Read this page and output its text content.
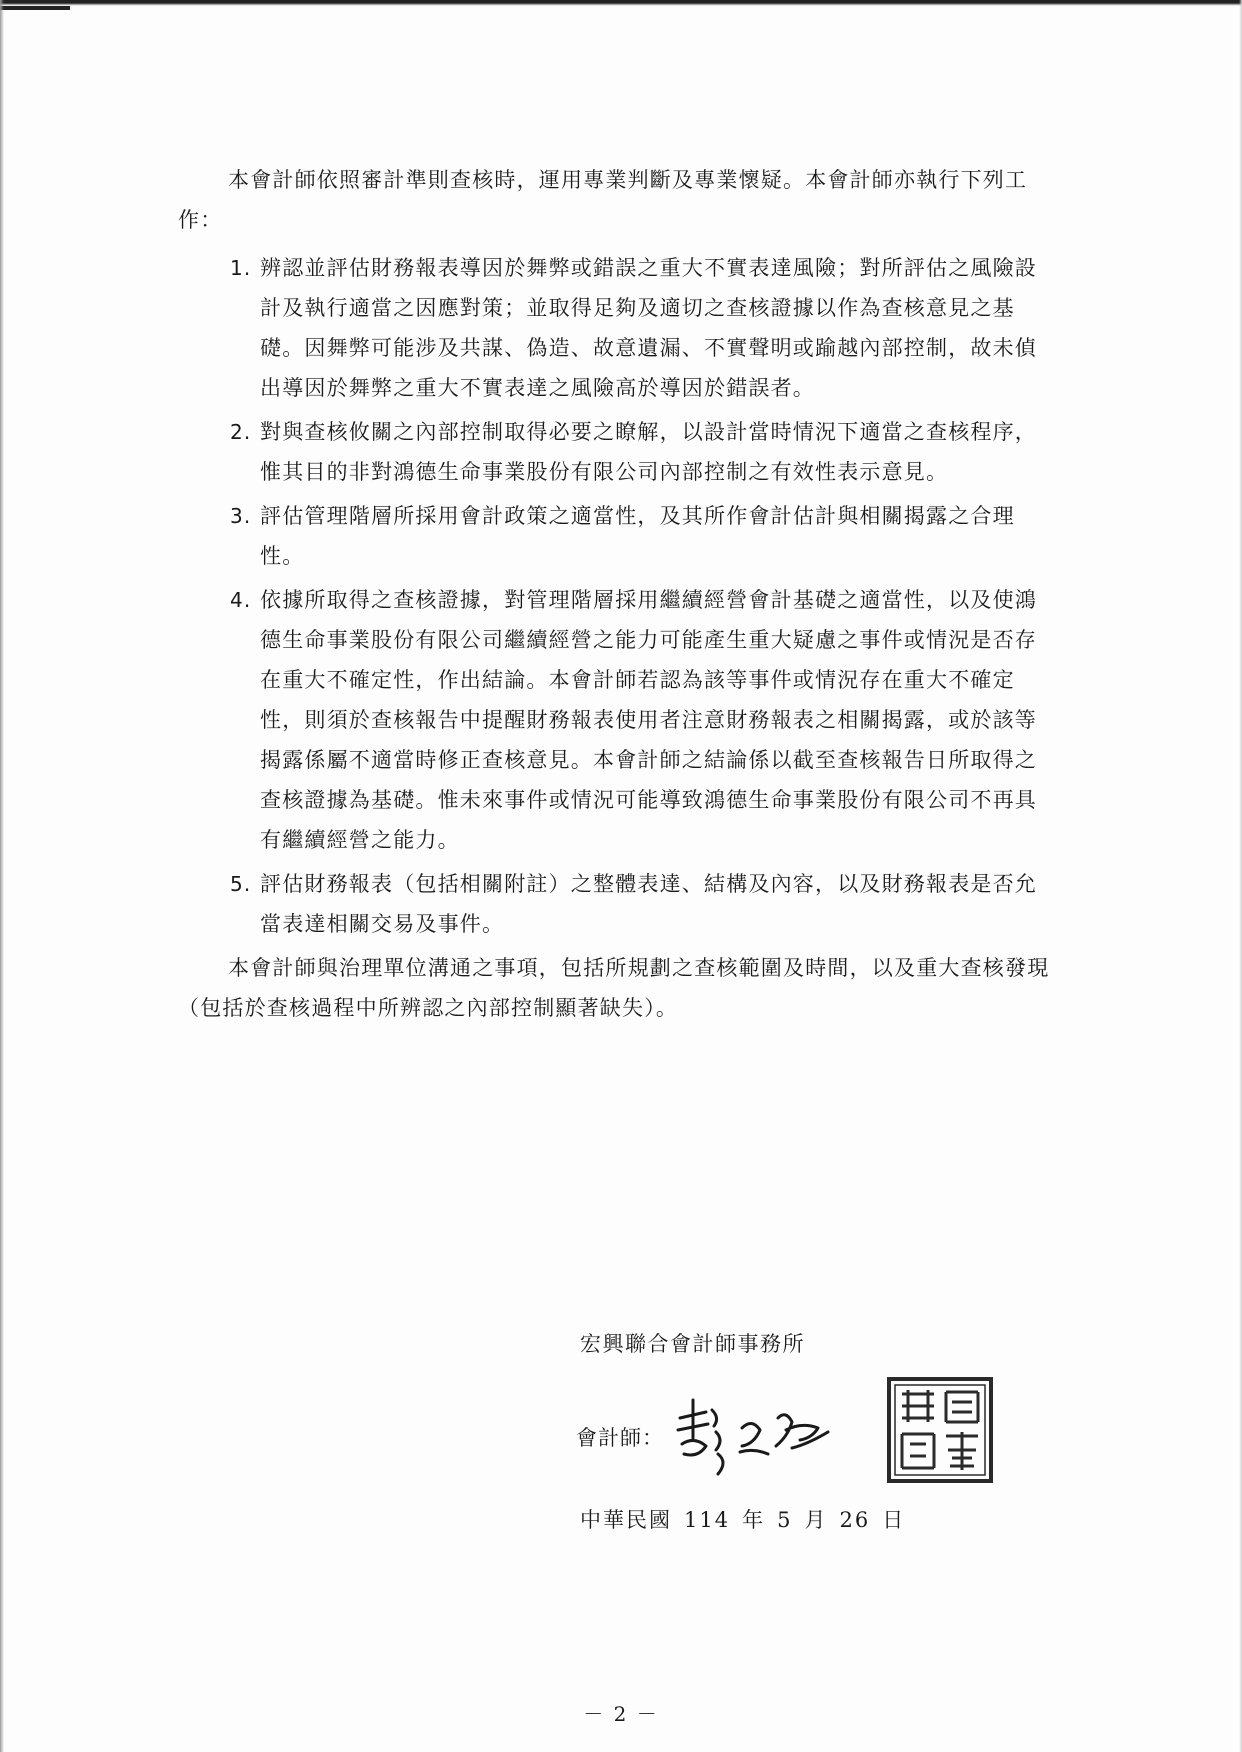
本會計師依照審計準則查核時，運用專業判斷及專業懷疑。本會計師亦執行下列工作：

1. 辨認並評估財務報表導因於舞弊或錯誤之重大不實表達風險；對所評估之風險設計及執行適當之因應對策；並取得足夠及適切之查核證據以作為查核意見之基礎。因舞弊可能涉及共謀、偽造、故意遺漏、不實聲明或踰越內部控制，故未偵出導因於舞弊之重大不實表達之風險高於導因於錯誤者。
2. 對與查核攸關之內部控制取得必要之瞭解，以設計當時情況下適當之查核程序，惟其目的非對鴻德生命事業股份有限公司內部控制之有效性表示意見。
3. 評估管理階層所採用會計政策之適當性，及其所作會計估計與相關揭露之合理性。
4. 依據所取得之查核證據，對管理階層採用繼續經營會計基礎之適當性，以及使鴻德生命事業股份有限公司繼續經營之能力可能產生重大疑慮之事件或情況是否存在重大不確定性，作出結論。本會計師若認為該等事件或情況存在重大不確定性，則須於查核報告中提醒財務報表使用者注意財務報表之相關揭露，或於該等揭露係屬不適當時修正查核意見。本會計師之結論係以截至查核報告日所取得之查核證據為基礎。惟未來事件或情況可能導致鴻德生命事業股份有限公司不再具有繼續經營之能力。
5. 評估財務報表（包括相關附註）之整體表達、結構及內容，以及財務報表是否允當表達相關交易及事件。

本會計師與治理單位溝通之事項，包括所規劃之查核範圍及時間，以及重大查核發現（包括於查核過程中所辨認之內部控制顯著缺失）。

宏興聯合會計師事務所
會計師：
中華民國 114 年 5 月 26 日
－ 2 －
